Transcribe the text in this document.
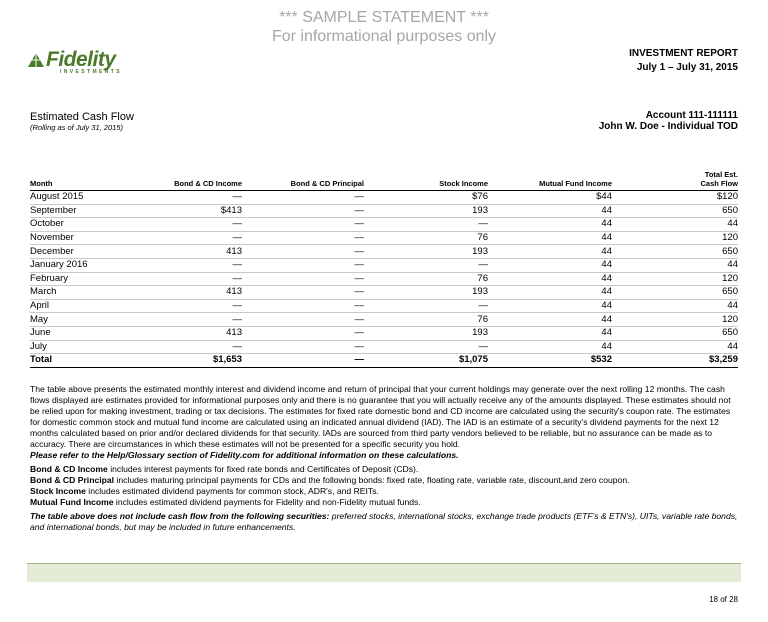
*** SAMPLE STATEMENT ***
For informational purposes only
Fidelity
INVESTMENTS
INVESTMENT REPORT
July 1 – July 31, 2015
Estimated Cash Flow
(Rolling as of July 31, 2015)
Account 111-111111
John W. Doe - Individual TOD
Month	Bond & CD Income	Bond & CD Principal	Stock Income	Mutual Fund Income	Total Est.
Cash Flow
August 2015	—	—	$76	$44	$120
September	$413	—	193	44	650
October	—	—	—	44	44
November	—	—	76	44	120
December	413	—	193	44	650
January 2016	—	—	—	44	44
February	—	—	76	44	120
March	413	—	193	44	650
April	—	—	—	44	44
May	—	—	76	44	120
June	413	—	193	44	650
July	—	—	—	44	44
Total	$1,653	—	$1,075	$532	$3,259

The table above presents the estimated monthly interest and dividend income and return of principal that your current holdings may generate over the next rolling 12 months. The cash flows displayed are estimates provided for informational purposes only and there is no guarantee that you will actually receive any of the amounts displayed. These estimates should not be relied upon for making investment, trading or tax decisions. The estimates for fixed rate domestic bond and CD income are calculated using the security's coupon rate. The estimates for domestic common stock and mutual fund income are calculated using an indicated annual dividend (IAD). The IAD is an estimate of a security's dividend payments for the next 12 months calculated based on prior and/or declared dividends for that security. IADs are sourced from third party vendors believed to be reliable, but no assurance can be made as to accuracy. There are circumstances in which these estimates will not be presented for a specific security you hold.
Please refer to the Help/Glossary section of Fidelity.com for additional information on these calculations.

Bond & CD Income includes interest payments for fixed rate bonds and Certificates of Deposit (CDs).
Bond & CD Principal includes maturing principal payments for CDs and the following bonds: fixed rate, floating rate, variable rate, discount,and zero coupon.
Stock Income includes estimated dividend payments for common stock, ADR's, and REITs.
Mutual Fund Income includes estimated dividend payments for Fidelity and non-Fidelity mutual funds.

The table above does not include cash flow from the following securities: preferred stocks, international stocks, exchange trade products (ETF's & ETN's), UITs, variable rate bonds, and international bonds, but may be included in future enhancements.

18 of 28
